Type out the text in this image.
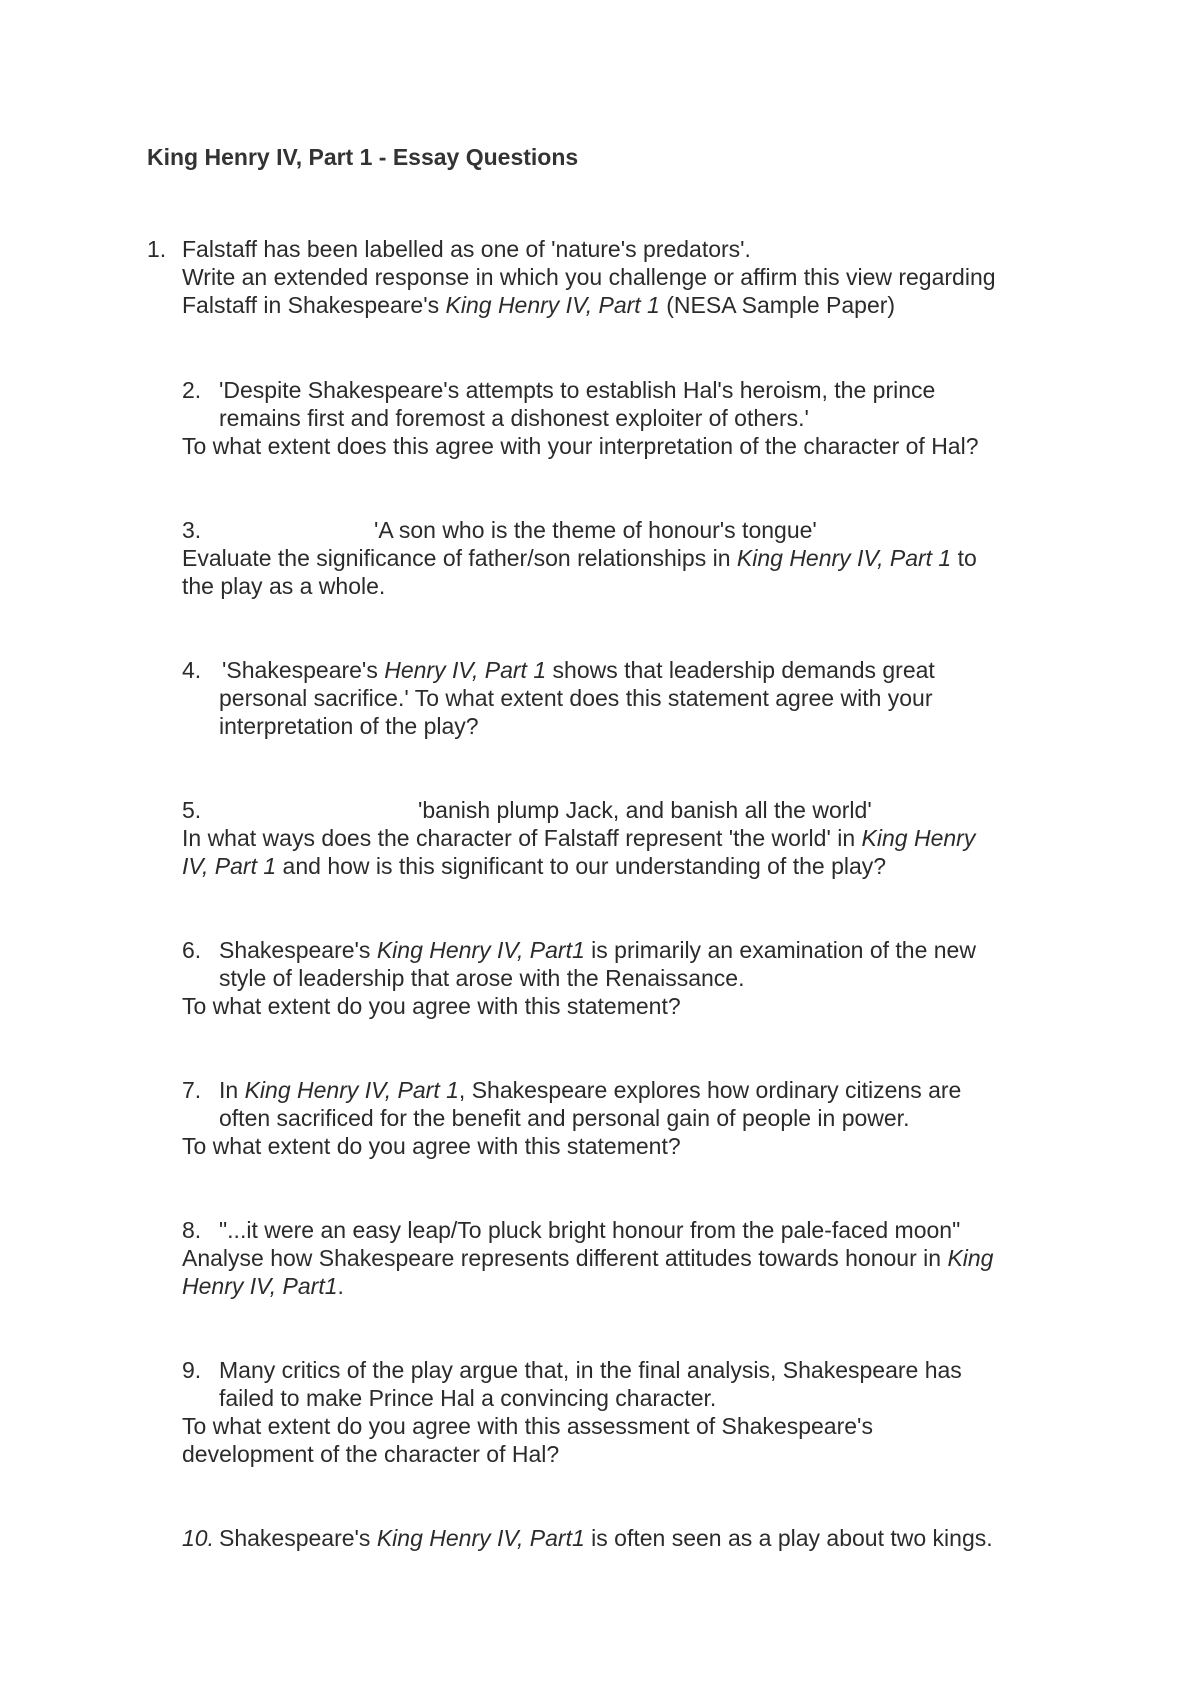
King Henry IV, Part 1 - Essay Questions
1. Falstaff has been labelled as one of 'nature's predators'.

Write an extended response in which you challenge or affirm this view regarding

Falstaff in Shakespeare's King Henry IV, Part 1 (NESA Sample Paper)

2. 'Despite Shakespeare's attempts to establish Hal's heroism, the prince

remains first and foremost a dishonest exploiter of others.'

To what extent does this agree with your interpretation of the character of Hal?

3.	'A son who is the theme of honour's tongue'

Evaluate the significance of father/son relationships in King Henry IV, Part 1 to

the play as a whole.

4. 'Shakespeare's Henry IV, Part 1 shows that leadership demands great

personal sacrifice.' To what extent does this statement agree with your

interpretation of the play?

5.	'banish plump Jack, and banish all the world'

In what ways does the character of Falstaff represent 'the world' in King Henry

IV, Part 1 and how is this significant to our understanding of the play?

6. Shakespeare's King Henry IV, Part1 is primarily an examination of the new

style of leadership that arose with the Renaissance.

To what extent do you agree with this statement?

7. In King Henry IV, Part 1, Shakespeare explores how ordinary citizens are

often sacrificed for the benefit and personal gain of people in power.

To what extent do you agree with this statement?

8. "...it were an easy leap/To pluck bright honour from the pale-faced moon"

Analyse how Shakespeare represents different attitudes towards honour in King

Henry IV, Part1.

9. Many critics of the play argue that, in the final analysis, Shakespeare has

failed to make Prince Hal a convincing character.

To what extent do you agree with this assessment of Shakespeare's

development of the character of Hal?

10. Shakespeare's King Henry IV, Part1 is often seen as a play about two kings.
